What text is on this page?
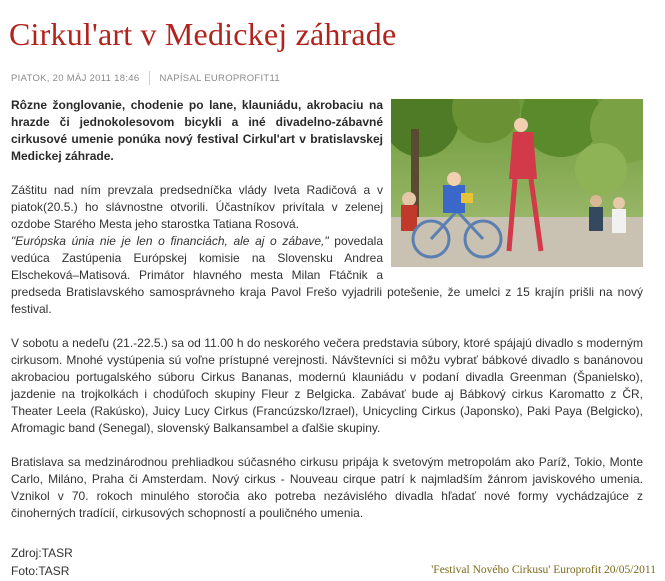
Cirkul'art v Medickej záhrade
PIATOK, 20 MÁJ 2011 18:46 NAPÍSAL EUROPROFIT11

Rôzne žonglovanie, chodenie po lane, klauniádu, akrobaciu na hrazde či jednokolesovom bicykli a iné divadelno-zábavné cirkusové umenie ponúka nový festival Cirkul'art v bratislavskej Medickej záhrade.

Záštitu nad ním prevzala predsedníčka vlády Iveta Radičová a v piatok(20.5.) ho slávnostne otvorili. Účastníkov privítala v zelenej ozdobe Starého Mesta jeho starostka Tatiana Rosová.
"Európska únia nie je len o financiách, ale aj o zábave," povedala vedúca Zastúpenia Európskej komisie na Slovensku Andrea Elscheková–Matisová. Primátor hlavného mesta Milan Ftáčnik a predseda Bratislavského samosprávneho kraja Pavol Frešo vyjadrili potešenie, že umelci z 15 krajín prišli na nový festival.

V sobotu a nedeľu (21.-22.5.) sa od 11.00 h do neskorého večera predstavia súbory, ktoré spájajú divadlo s moderným cirkusom. Mnohé vystúpenia sú voľne prístupné verejnosti. Návštevníci si môžu vybrať bábkové divadlo s banánovou akrobaciou portugalského súboru Cirkus Bananas, modernú klauniádu v podaní divadla Greenman (Španielsko), jazdenie na trojkolkách i chodúľoch skupiny Fleur z Belgicka. Zabávať bude aj Bábkový cirkus Karomatto z ČR, Theater Leela (Rakúsko), Juicy Lucy Cirkus (Francúzsko/Izrael), Unicycling Cirkus (Japonsko), Paki Paya (Belgicko), Afromagic band (Senegal), slovenský Balkansambel a ďalšie skupiny.

Bratislava sa medzinárodnou prehliadkou súčasného cirkusu pripája k svetovým metropolám ako Paríž, Tokio, Monte Carlo, Miláno, Praha či Amsterdam. Nový cirkus - Nouveau cirque patrí k najmladším žánrom javiskového umenia. Vznikol v 70. rokoch minulého storočia ako potreba nezávislého divadla hľadať nové formy vychádzajúce z činoherných tradícií, cirkusových schopností a pouličného umenia.

Zdroj:TASR
Foto:TASR	'Festival Nového Cirkusu' Europrofit 20/05/2011
